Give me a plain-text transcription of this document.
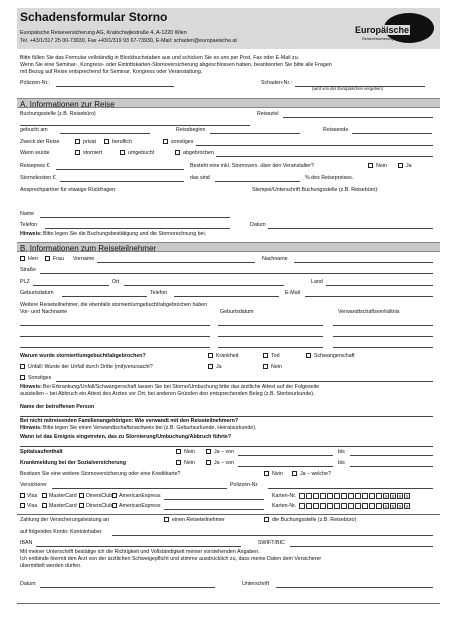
Schadensformular Storno
Europäische Reiseversicherung AG, Kratochwjlestraße 4, A-1220 Wien
Tel. +43/1/317 25 00-73930, Fax +43/1/319 93 67-73930, E-Mail: schaden@europaeische.at
Europäische
Reiseversicherung
Bitte füllen Sie das Formular vollständig in Blockbuchstaben aus und schicken Sie es uns per Post, Fax oder E-Mail zu.
Wenn Sie eine Seminar-, Kongress- oder Eintrittskarten-Stornoversicherung abgeschlossen haben, beantworten Sie bitte alle Fragen
mit Bezug auf Reise entsprechend für Seminar, Kongress oder Veranstaltung.
Polizzen-Nr.:	Schaden-Nr.:
(wird von der Europäischen vergeben)
A. Informationen zur Reise
Buchungsstelle (z.B. Reisebüro)	Reiseziel
gebucht am	Reisebeginn	Reiseende
Zweck der Reise	privat	beruflich	sonstiges
Wann wurde	storniert	umgebucht	abgebrochen
Reisepreis €	Besteht eine inkl. Stornovers. über den Veranstalter?	Nein	Ja
Stornokosten €	das sind	% des Reisepreises.
Ansprechpartner für etwaige Rückfragen:	Stempel/Unterschrift Buchungsstelle (z.B. Reisebüro):
Name
Telefon	Datum
Hinweis: Bitte legen Sie die Buchungsbestätigung und die Stornorechnung bei.
B. Informationen zum Reiseteilnehmer
Herr	Frau Vorname	Nachname
Straße
PLZ	Ort	Land
Geburtsdatum	Telefon	E-Mail
Weitere Reiseteilnehmer, die ebenfalls storniert/umgebucht/abgebrochen haben
Vor- und Nachname	Geburtsdatum	Verwandtschaftsverhältnis
Warum wurde storniert/umgebucht/abgebrochen?	Krankheit	Tod	Schwangerschaft
Unfall: Wurde der Unfall durch Dritte (mit)verursacht?	Ja	Nein
Sonstiges
Hinweis: Bei Erkrankung/Unfall/Schwangerschaft lassen Sie bei Storno/Umbuchung bitte das ärztliche Attest auf der Folgeseite
ausstellen – bei Abbruch ein Attest des Arztes vor Ort; bei anderen Gründen den entsprechenden Beleg (z.B. Sterbeurkunde).
Name der betroffenen Person
Bei nicht mitreisenden Familienangehörigen: Wie verwandt mit den Reiseteilnehmern?
Hinweis: Bitte legen Sie einen Verwandtschaftsnachweis bei (z.B. Geburtsurkunde, Heiratsurkunde).
Wann ist das Ereignis eingetreten, das zu Stornierung/Umbuchung/Abbruch führte?
Spitalsaufenthalt	Nein	Ja – von	bis
Krankmeldung bei der Sozialversicherung	Nein	Ja – von	bis
Besitzen Sie eine weitere Stornoversicherung oder eine Kreditkarte?	Nein	Ja – welche?
Versicherer	Polizzen-Nr.
Visa MasterCard DinersClub AmericanExpress	Karten-Nr.
Visa MasterCard DinersClub AmericanExpress	Karten-Nr.
X X X X
X X X X
Zahlung der Versicherungsleistung an	einen Reiseteilnehmer	die Buchungsstelle (z.B. Reisebüro)
auf folgendes Konto: Kontoinhaber
IBAN	SWIFT/BIC
Mit meiner Unterschrift bestätige ich die Richtigkeit und Vollständigkeit meiner vorstehenden Angaben.
Ich entbinde hiermit den Arzt von der ärztlichen Schweigepflicht und stimme ausdrücklich zu, dass meine Daten dem Versicherer
übermittelt werden dürfen.
Datum	Unterschrift
